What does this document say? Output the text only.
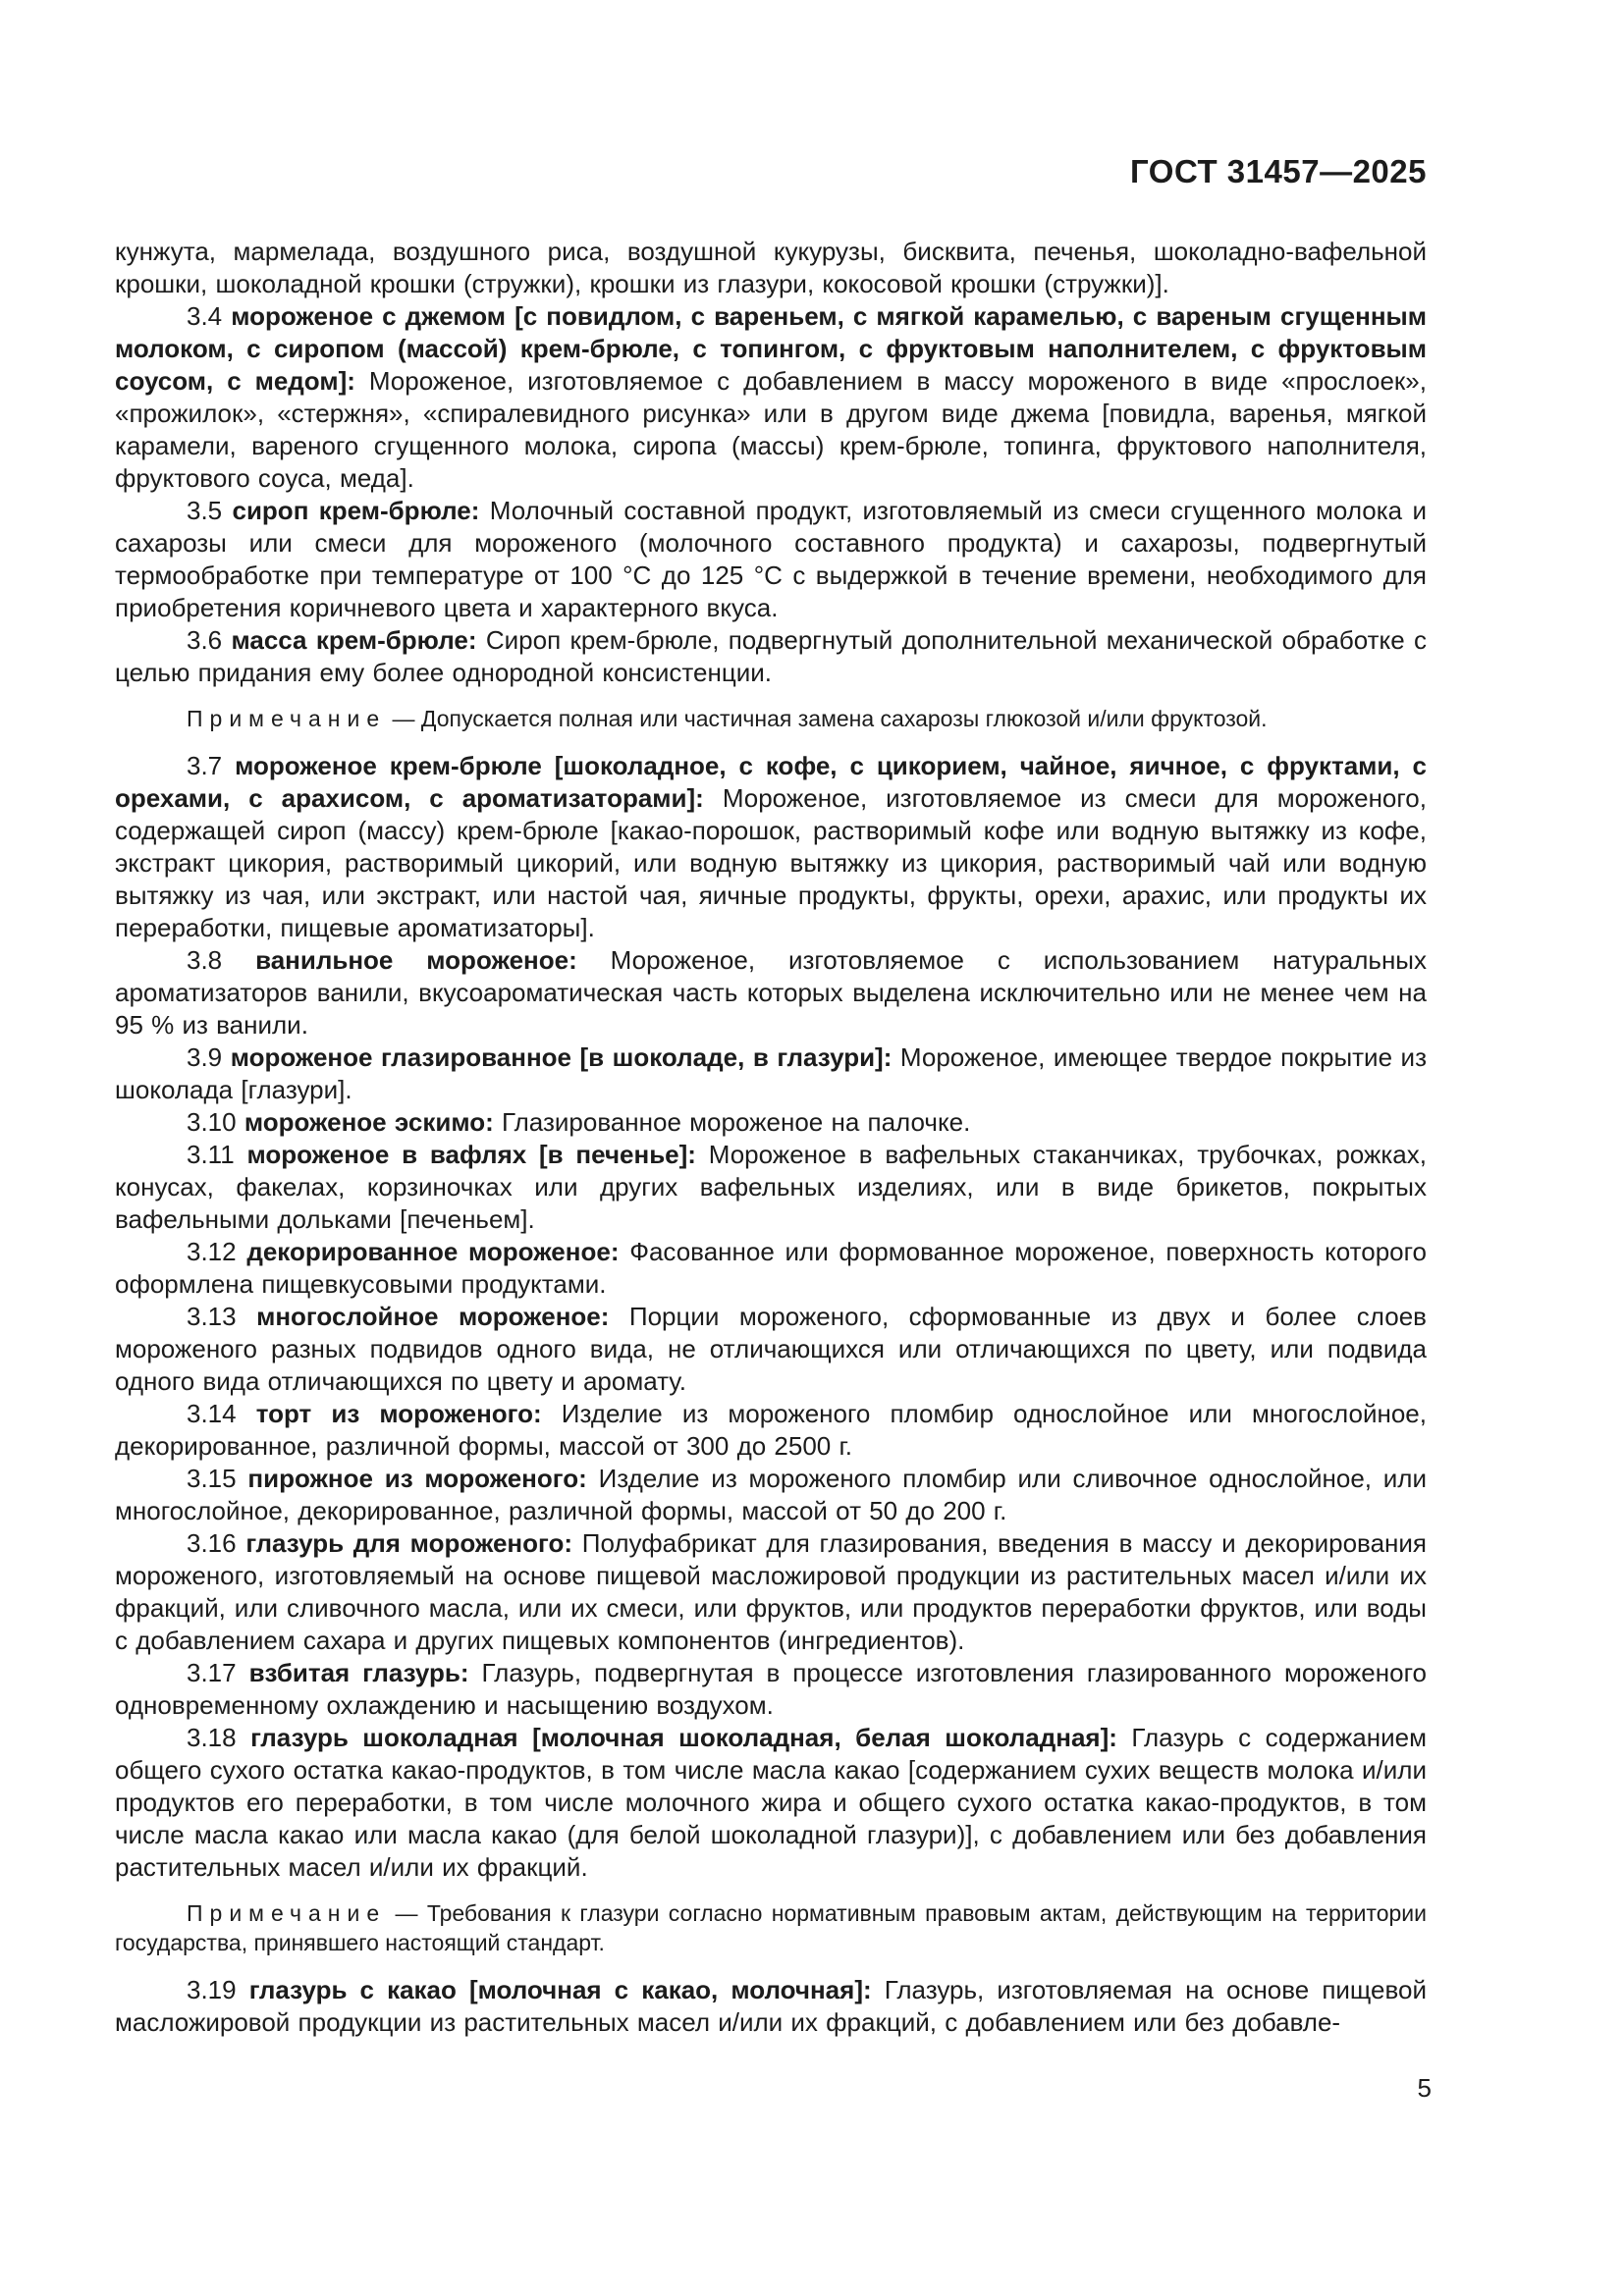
ГОСТ 31457—2025

кунжута, мармелада, воздушного риса, воздушной кукурузы, бисквита, печенья, шоколадно-вафельной крошки, шоколадной крошки (стружки), крошки из глазури, кокосовой крошки (стружки)].

3.4 мороженое с джемом [с повидлом, с вареньем, с мягкой карамелью, с вареным сгущенным молоком, с сиропом (массой) крем-брюле, с топингом, с фруктовым наполнителем, с фруктовым соусом, с медом]: Мороженое, изготовляемое с добавлением в массу мороженого в виде «прослоек», «прожилок», «стержня», «спиралевидного рисунка» или в другом виде джема [повидла, варенья, мягкой карамели, вареного сгущенного молока, сиропа (массы) крем-брюле, топинга, фруктового наполнителя, фруктового соуса, меда].

3.5 сироп крем-брюле: Молочный составной продукт, изготовляемый из смеси сгущенного молока и сахарозы или смеси для мороженого (молочного составного продукта) и сахарозы, подвергнутый термообработке при температуре от 100 °С до 125 °С с выдержкой в течение времени, необходимого для приобретения коричневого цвета и характерного вкуса.

3.6 масса крем-брюле: Сироп крем-брюле, подвергнутый дополнительной механической обработке с целью придания ему более однородной консистенции.

Примечание — Допускается полная или частичная замена сахарозы глюкозой и/или фруктозой.

3.7 мороженое крем-брюле [шоколадное, с кофе, с цикорием, чайное, яичное, с фруктами, с орехами, с арахисом, с ароматизаторами]: Мороженое, изготовляемое из смеси для мороженого, содержащей сироп (массу) крем-брюле [какао-порошок, растворимый кофе или водную вытяжку из кофе, экстракт цикория, растворимый цикорий, или водную вытяжку из цикория, растворимый чай или водную вытяжку из чая, или экстракт, или настой чая, яичные продукты, фрукты, орехи, арахис, или продукты их переработки, пищевые ароматизаторы].

3.8 ванильное мороженое: Мороженое, изготовляемое с использованием натуральных ароматизаторов ванили, вкусоароматическая часть которых выделена исключительно или не менее чем на 95 % из ванили.

3.9 мороженое глазированное [в шоколаде, в глазури]: Мороженое, имеющее твердое покрытие из шоколада [глазури].

3.10 мороженое эскимо: Глазированное мороженое на палочке.

3.11 мороженое в вафлях [в печенье]: Мороженое в вафельных стаканчиках, трубочках, рожках, конусах, факелах, корзиночках или других вафельных изделиях, или в виде брикетов, покрытых вафельными дольками [печеньем].

3.12 декорированное мороженое: Фасованное или формованное мороженое, поверхность которого оформлена пищевкусовыми продуктами.

3.13 многослойное мороженое: Порции мороженого, сформованные из двух и более слоев мороженого разных подвидов одного вида, не отличающихся или отличающихся по цвету, или подвида одного вида отличающихся по цвету и аромату.

3.14 торт из мороженого: Изделие из мороженого пломбир однослойное или многослойное, декорированное, различной формы, массой от 300 до 2500 г.

3.15 пирожное из мороженого: Изделие из мороженого пломбир или сливочное однослойное, или многослойное, декорированное, различной формы, массой от 50 до 200 г.

3.16 глазурь для мороженого: Полуфабрикат для глазирования, введения в массу и декорирования мороженого, изготовляемый на основе пищевой масложировой продукции из растительных масел и/или их фракций, или сливочного масла, или их смеси, или фруктов, или продуктов переработки фруктов, или воды с добавлением сахара и других пищевых компонентов (ингредиентов).

3.17 взбитая глазурь: Глазурь, подвергнутая в процессе изготовления глазированного мороженого одновременному охлаждению и насыщению воздухом.

3.18 глазурь шоколадная [молочная шоколадная, белая шоколадная]: Глазурь с содержанием общего сухого остатка какао-продуктов, в том числе масла какао [содержанием сухих веществ молока и/или продуктов его переработки, в том числе молочного жира и общего сухого остатка какао-продуктов, в том числе масла какао или масла какао (для белой шоколадной глазури)], с добавлением или без добавления растительных масел и/или их фракций.

Примечание — Требования к глазури согласно нормативным правовым актам, действующим на территории государства, принявшего настоящий стандарт.

3.19 глазурь с какао [молочная с какао, молочная]: Глазурь, изготовляемая на основе пищевой масложировой продукции из растительных масел и/или их фракций, с добавлением или без добавле-

5
